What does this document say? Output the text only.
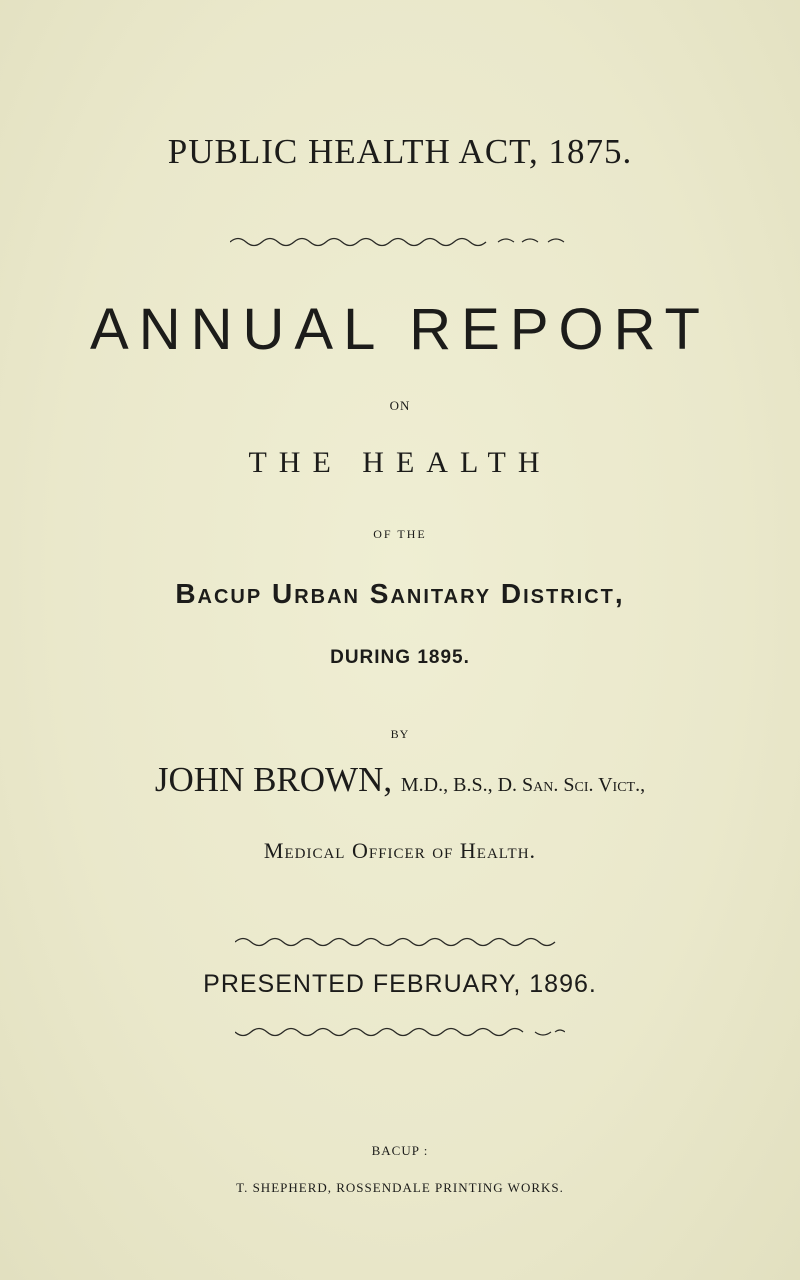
PUBLIC HEALTH ACT, 1875.
ANNUAL REPORT
ON
THE HEALTH
OF THE
Bacup Urban Sanitary District,
DURING 1895.
BY
JOHN BROWN, M.D., B.S., D. San. Sci. Vict.,
Medical Officer of Health.
PRESENTED FEBRUARY, 1896.
BACUP :
T. SHEPHERD, ROSSENDALE PRINTING WORKS.
